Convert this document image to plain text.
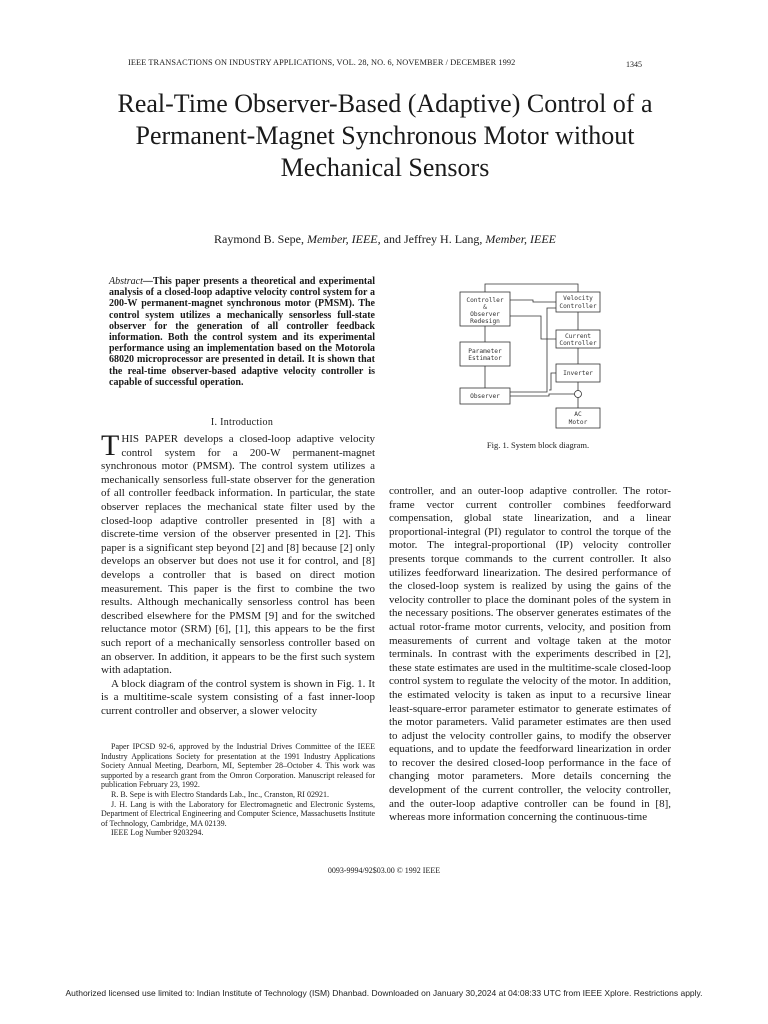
IEEE TRANSACTIONS ON INDUSTRY APPLICATIONS, VOL. 28, NO. 6, NOVEMBER / DECEMBER 1992	1345
Real-Time Observer-Based (Adaptive) Control of a Permanent-Magnet Synchronous Motor without Mechanical Sensors
Raymond B. Sepe, Member, IEEE, and Jeffrey H. Lang, Member, IEEE
Abstract—This paper presents a theoretical and experimental analysis of a closed-loop adaptive velocity control system for a 200-W permanent-magnet synchronous motor (PMSM). The control system utilizes a mechanically sensorless full-state observer for the generation of all controller feedback information. Both the control system and its experimental performance using an implementation based on the Motorola 68020 microprocessor are presented in detail. It is shown that the real-time observer-based adaptive velocity controller is capable of successful operation.
I. Introduction

THIS PAPER develops a closed-loop adaptive velocity control system for a 200-W permanent-magnet synchronous motor (PMSM). The control system utilizes a mechanically sensorless full-state observer for the generation of all controller feedback information. In particular, the state observer replaces the mechanical state filter used by the closed-loop adaptive controller presented in [8] with a discrete-time version of the observer presented in [2]. This paper is a significant step beyond [2] and [8] because [2] only develops an observer but does not use it for control, and [8] develops a controller that is based on direct motion measurement. This paper is the first to combine the two results. Although mechanically sensorless control has been described elsewhere for the PMSM [9] and for the switched reluctance motor (SRM) [6], [1], this appears to be the first such report of a mechanically sensorless controller based on an observer. In addition, it appears to be the first such system with adaptation.

A block diagram of the control system is shown in Fig. 1. It is a multitime-scale system consisting of a fast inner-loop current controller and observer, a slower velocity

Paper IPCSD 92-6, approved by the Industrial Drives Committee of the IEEE Industry Applications Society for presentation at the 1991 Industry Applications Society Annual Meeting, Dearborn, MI, September 28–October 4. This work was supported by a research grant from the Omron Corporation. Manuscript released for publication February 23, 1992.

R. B. Sepe is with Electro Standards Lab., Inc., Cranston, RI 02921.

J. H. Lang is with the Laboratory for Electromagnetic and Electronic Systems, Department of Electrical Engineering and Computer Science, Massachusetts Institute of Technology, Cambridge, MA 02139.

IEEE Log Number 9203294.

Controller
&
Observer
Redesign
Velocity
Controller
Current
Controller
Parameter
Estimator
Inverter
Observer
AC
Motor
Fig. 1. System block diagram.

controller, and an outer-loop adaptive controller. The rotor-frame vector current controller combines feedforward compensation, global state linearization, and a linear proportional-integral (PI) regulator to control the torque of the motor. The integral-proportional (IP) velocity controller presents torque commands to the current controller. It also utilizes feedforward linearization. The desired performance of the closed-loop system is realized by using the gains of the velocity controller to place the dominant poles of the system in the necessary positions. The observer generates estimates of the actual rotor-frame motor currents, velocity, and position from measurements of current and voltage taken at the motor terminals. In contrast with the experiments described in [2], these state estimates are used in the multitime-scale closed-loop control system to regulate the velocity of the motor. In addition, the estimated velocity is taken as input to a recursive linear least-square-error parameter estimator to generate estimates of the motor parameters. Valid parameter estimates are then used to adjust the velocity controller gains, to modify the observer equations, and to update the feedforward linearization in order to recover the desired closed-loop performance in the face of changing motor parameters. More details concerning the development of the current controller, the velocity controller, and the outer-loop adaptive controller can be found in [8], whereas more information concerning the continuous-time

0093-9994/92$03.00 © 1992 IEEE
Authorized licensed use limited to: Indian Institute of Technology (ISM) Dhanbad. Downloaded on January 30,2024 at 04:08:33 UTC from IEEE Xplore. Restrictions apply.
